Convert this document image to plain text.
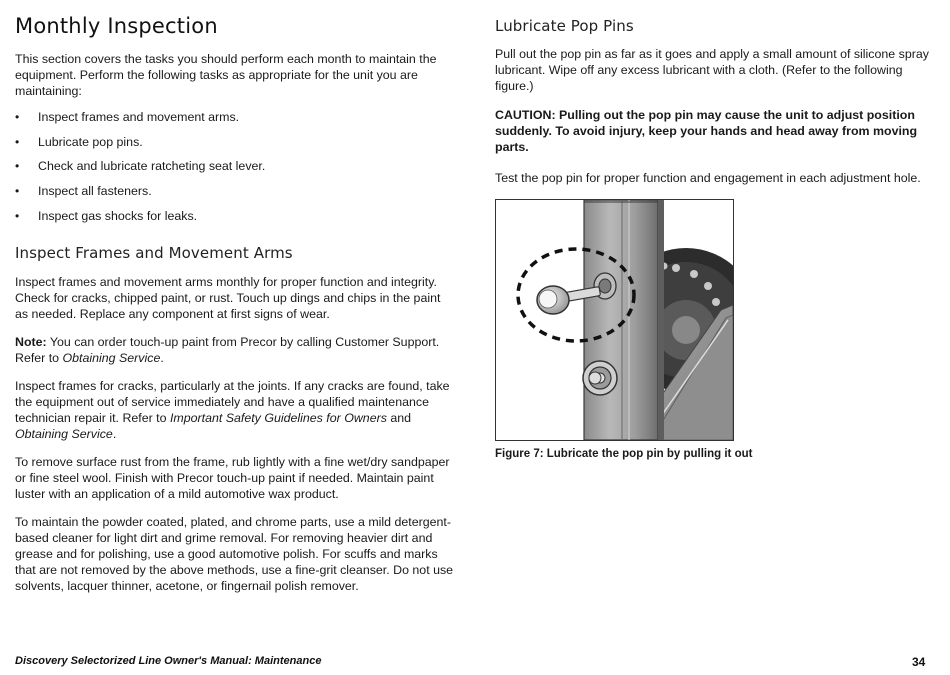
Monthly Inspection

This section covers the tasks you should perform each month to maintain the equipment. Perform the following tasks as appropriate for the unit you are maintaining:

• Inspect frames and movement arms.
• Lubricate pop pins.
• Check and lubricate ratcheting seat lever.
• Inspect all fasteners.
• Inspect gas shocks for leaks.
Inspect Frames and Movement Arms

Inspect frames and movement arms monthly for proper function and integrity. Check for cracks, chipped paint, or rust. Touch up dings and chips in the paint as needed. Replace any component at first signs of wear.

Note: You can order touch-up paint from Precor by calling Customer Support. Refer to Obtaining Service.

Inspect frames for cracks, particularly at the joints. If any cracks are found, take the equipment out of service immediately and have a qualified maintenance technician repair it. Refer to Important Safety Guidelines for Owners and Obtaining Service.

To remove surface rust from the frame, rub lightly with a fine wet/dry sandpaper or fine steel wool. Finish with Precor touch-up paint if needed. Maintain paint luster with an application of a mild automotive wax product.

To maintain the powder coated, plated, and chrome parts, use a mild detergent-based cleaner for light dirt and grime removal. For removing heavier dirt and grease and for polishing, use a good automotive polish. For scuffs and marks that are not removed by the above methods, use a fine-grit cleanser. Do not use solvents, lacquer thinner, acetone, or fingernail polish remover.

Lubricate Pop Pins

Pull out the pop pin as far as it goes and apply a small amount of silicone spray lubricant. Wipe off any excess lubricant with a cloth. (Refer to the following figure.)

CAUTION: Pulling out the pop pin may cause the unit to adjust position suddenly. To avoid injury, keep your hands and head away from moving parts.

Test the pop pin for proper function and engagement in each adjustment hole.

Figure 7: Lubricate the pop pin by pulling it out
Discovery Selectorized Line Owner's Manual: Maintenance	34
